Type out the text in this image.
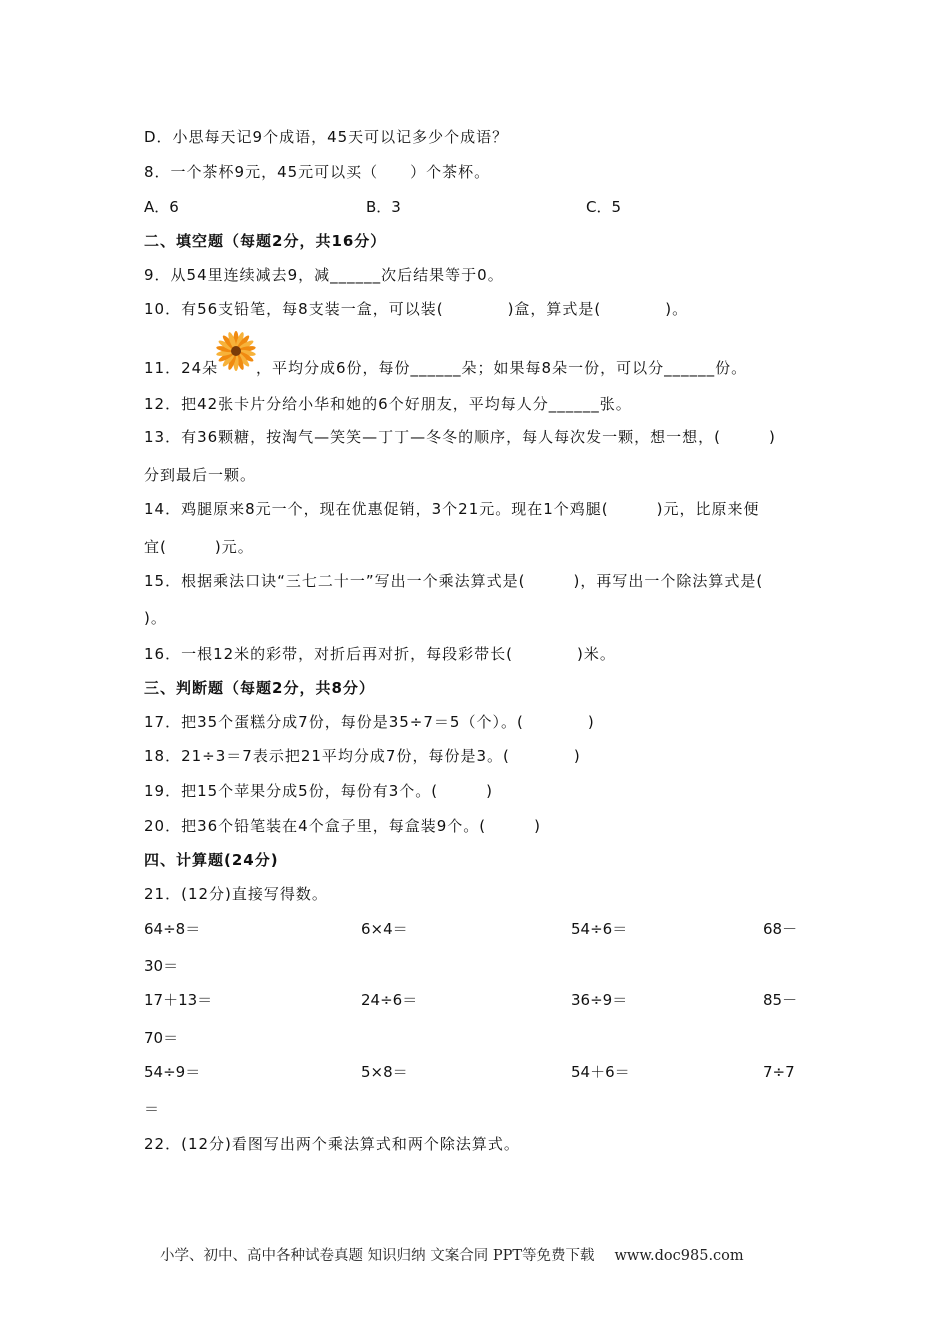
D．小思每天记9个成语，45天可以记多少个成语？
8．一个茶杯9元，45元可以买（　　）个茶杯。
A．6	B．3	C．5
二、填空题（每题2分，共16分）
9．从54里连续减去9，减______次后结果等于0。
10．有56支铅笔，每8支装一盒，可以装(　　　　)盒，算式是(　　　　)。
11．24朵	，平均分成6份，每份______朵；如果每8朵一份，可以分______份。
12．把42张卡片分给小华和她的6个好朋友，平均每人分______张。
13．有36颗糖，按淘气—笑笑—丁丁—冬冬的顺序，每人每次发一颗，想一想，(　　　)
分到最后一颗。
14．鸡腿原来8元一个，现在优惠促销，3个21元。现在1个鸡腿(　　　)元，比原来便
宜(　　　)元。
15．根据乘法口诀“三七二十一”写出一个乘法算式是(　　　)，再写出一个除法算式是(
)。
16．一根12米的彩带，对折后再对折，每段彩带长(　　　　)米。
三、判断题（每题2分，共8分）
17．把35个蛋糕分成7份，每份是35÷7＝5（个）。(　　　　)
18．21÷3＝7表示把21平均分成7份，每份是3。(　　　　)
19．把15个苹果分成5份，每份有3个。(　　　)
20．把36个铅笔装在4个盒子里，每盒装9个。(　　　)
四、计算题(24分)
21．(12分)直接写得数。
64÷8＝	6×4＝	54÷6＝	68－
30＝
17＋13＝	24÷6＝	36÷9＝	85－
70＝
54÷9＝	5×8＝	54＋6＝	7÷7
＝
22．(12分)看图写出两个乘法算式和两个除法算式。
小学、初中、高中各种试卷真题 知识归纳 文案合同 PPT等免费下载 www.doc985.com
